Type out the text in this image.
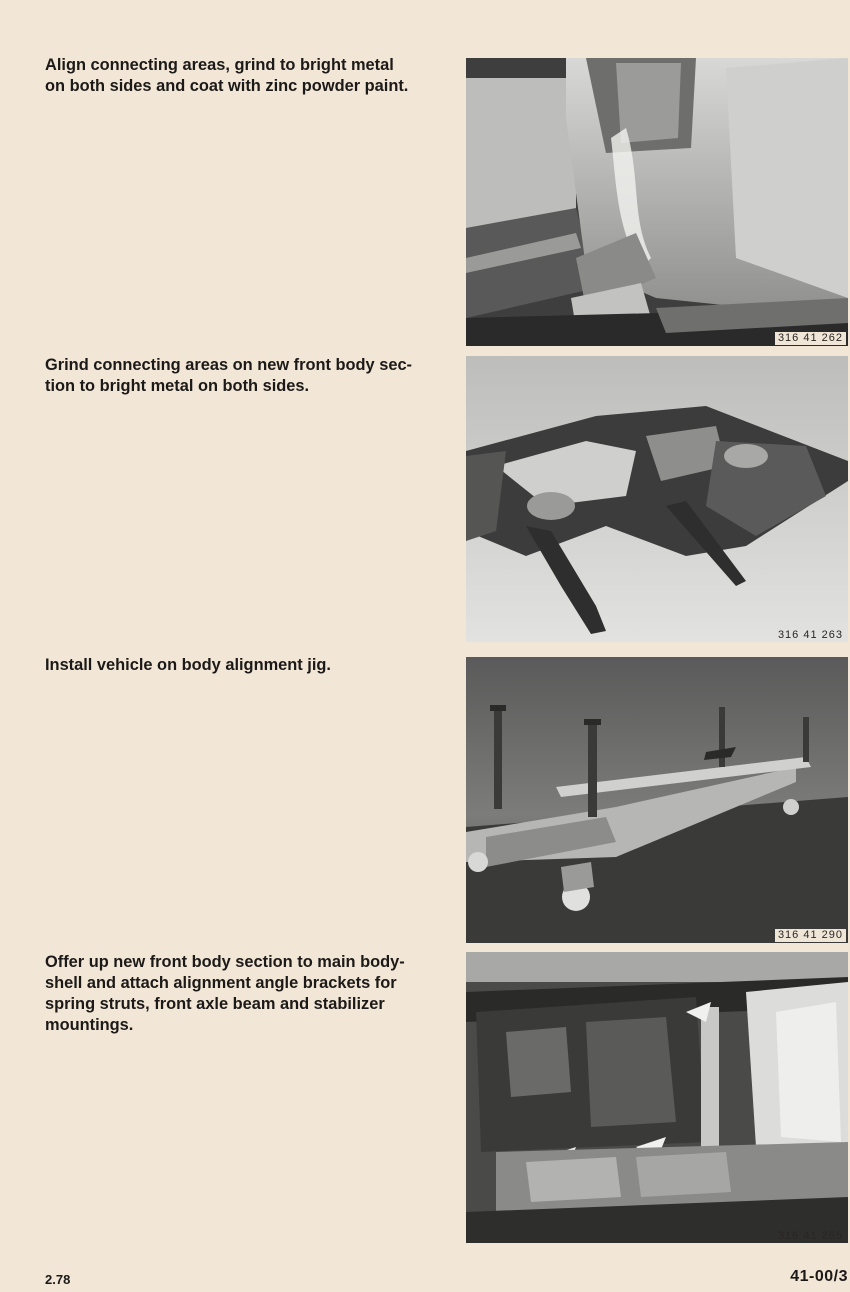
Align connecting areas, grind to bright metal
on both sides and coat with zinc powder paint.
316 41 262
Grind connecting areas on new front body sec-
tion to bright metal on both sides.
316 41 263
Install vehicle on body alignment jig.
316 41 290
Offer up new front body section to main body-
shell and attach alignment angle brackets for
spring struts, front axle beam and stabilizer
mountings.
316 41 265
2.78	41-00/3
